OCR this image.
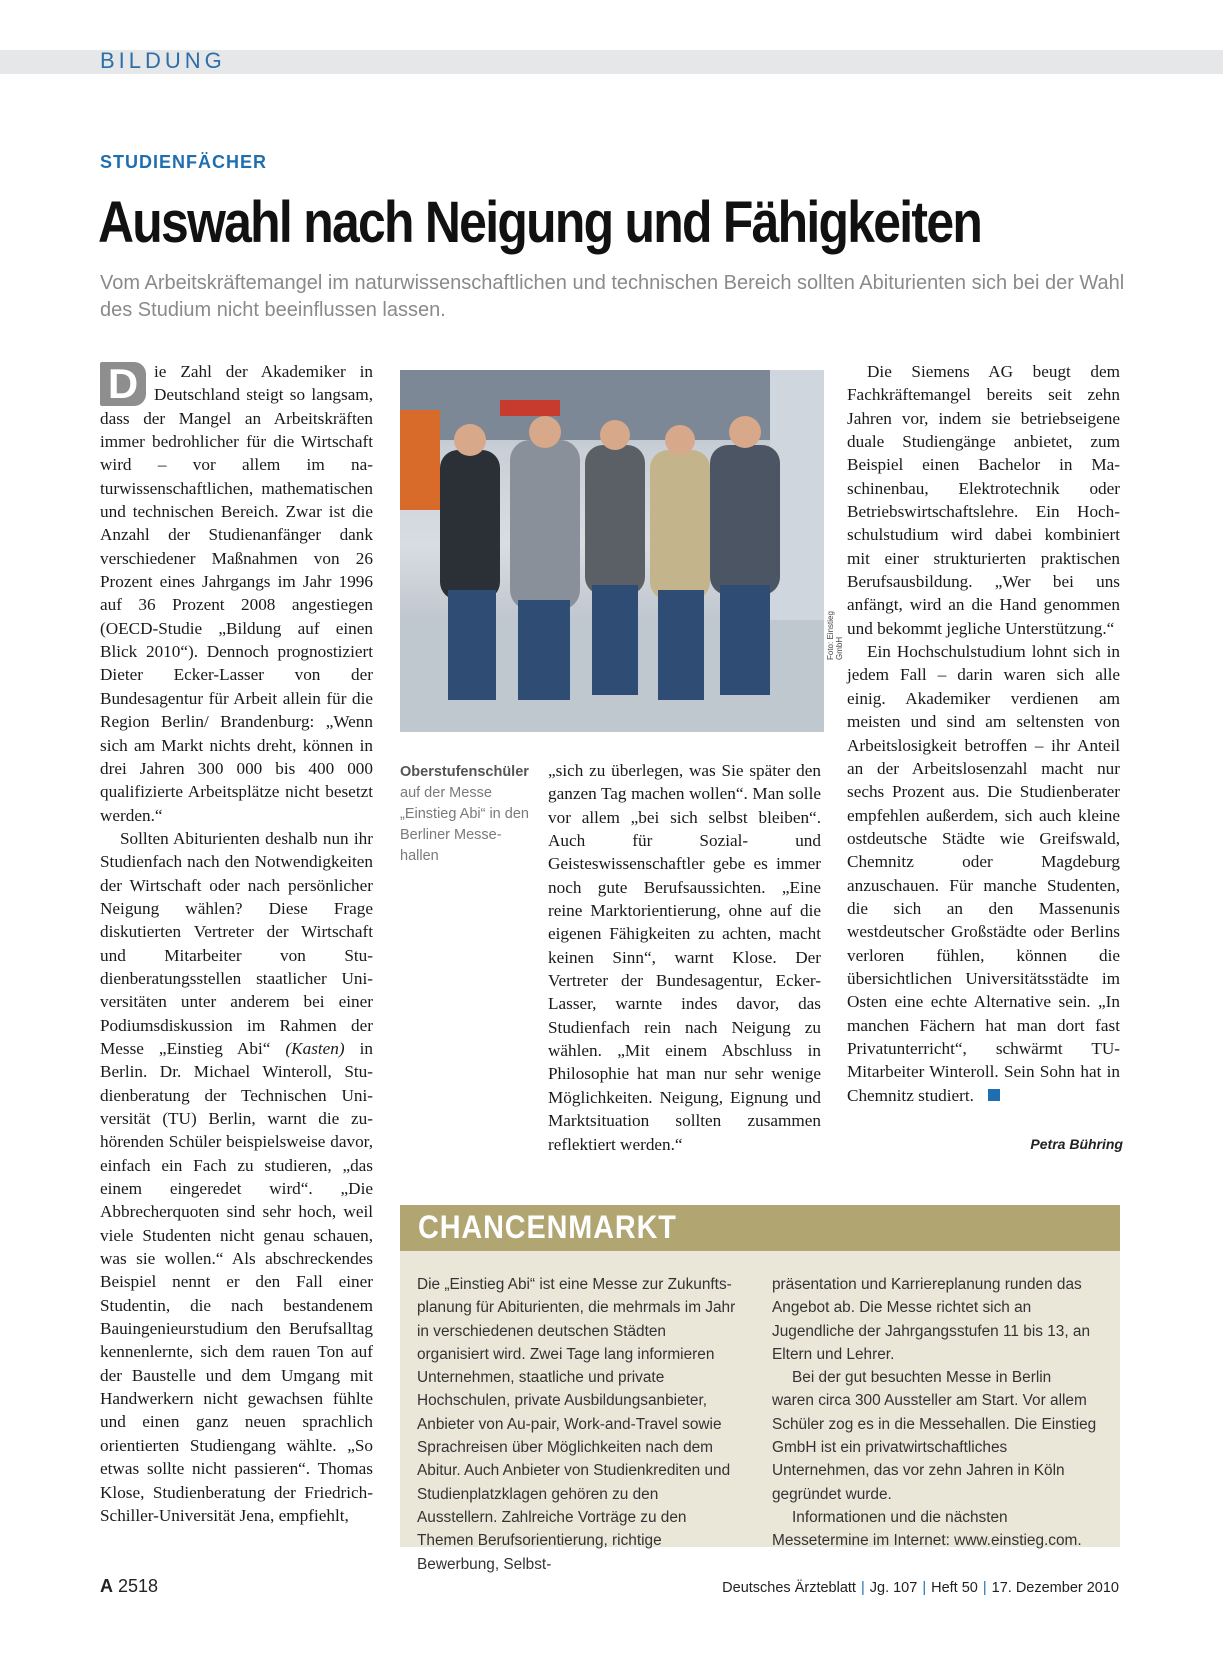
BILDUNG
STUDIENFÄCHER
Auswahl nach Neigung und Fähigkeiten
Vom Arbeitskräftemangel im naturwissenschaftlichen und technischen Bereich sollten Abiturienten sich bei der Wahl des Studium nicht beeinflussen lassen.

D ie Zahl der Akademiker in Deutschland steigt so langsam, dass der Mangel an Arbeitskräften immer bedrohlicher für die Wirtschaft wird – vor allem im naturwissenschaftlichen, mathematischen und technischen Bereich. Zwar ist die Anzahl der Studienanfänger dank verschiedener Maßnahmen von 26 Prozent eines Jahrgangs im Jahr 1996 auf 36 Prozent 2008 angestiegen (OECD-Studie „Bildung auf einen Blick 2010“). Dennoch prognostiziert Dieter Ecker-Lasser von der Bundesagentur für Arbeit allein für die Region Berlin/ Brandenburg: „Wenn sich am Markt nichts dreht, können in drei Jahren 300 000 bis 400 000 qualifizierte Arbeitsplätze nicht besetzt werden.“

Sollten Abiturienten deshalb nun ihr Studienfach nach den Notwendigkeiten der Wirtschaft oder nach persönlicher Neigung wählen? Diese Frage diskutierten Vertreter der Wirtschaft und Mitarbeiter von Studienberatungsstellen staatlicher Universitäten unter anderem bei einer Podiumsdiskussion im Rahmen der Messe „Einstieg Abi“ (Kasten) in Berlin. Dr. Michael Winteroll, Studienberatung der Technischen Universität (TU) Berlin, warnt die zuhörenden Schüler beispielsweise davor, einfach ein Fach zu studieren, „das einem eingeredet wird“. „Die Abbrecherquoten sind sehr hoch, weil viele Studenten nicht genau schauen, was sie wollen.“ Als abschreckendes Beispiel nennt er den Fall einer Studentin, die nach bestandenem Bauingenieurstudium den Berufsalltag kennenlernte, sich dem rauen Ton auf der Baustelle und dem Umgang mit Handwerkern nicht gewachsen fühlte und einen ganz neuen sprachlich orientierten Studiengang wählte. „So etwas sollte nicht passieren“. Thomas Klose, Studienberatung der Friedrich-Schiller-Universität Jena, empfiehlt,

Foto: Einstieg GmbH
Oberstufenschüler auf der Messe „Einstieg Abi“ in den Berliner Messehallen

„sich zu überlegen, was Sie später den ganzen Tag machen wollen“. Man solle vor allem „bei sich selbst bleiben“. Auch für Sozial- und Geisteswissenschaftler gebe es immer noch gute Berufsaussichten. „Eine reine Marktorientierung, ohne auf die eigenen Fähigkeiten zu achten, macht keinen Sinn“, warnt Klose. Der Vertreter der Bundesagentur, Ecker-Lasser, warnte indes davor, das Studienfach rein nach Neigung zu wählen. „Mit einem Abschluss in Philosophie hat man nur sehr wenige Möglichkeiten. Neigung, Eignung und Marktsituation sollten zusammen reflektiert werden.“

Die Siemens AG beugt dem Fachkräftemangel bereits seit zehn Jahren vor, indem sie betriebseigene duale Studiengänge anbietet, zum Beispiel einen Bachelor in Maschinenbau, Elektrotechnik oder Betriebswirtschaftslehre. Ein Hochschulstudium wird dabei kombiniert mit einer strukturierten praktischen Berufsausbildung. „Wer bei uns anfängt, wird an die Hand genommen und bekommt jegliche Unterstützung.“

Ein Hochschulstudium lohnt sich in jedem Fall – darin waren sich alle einig. Akademiker verdienen am meisten und sind am seltensten von Arbeitslosigkeit betroffen – ihr Anteil an der Arbeitslosenzahl macht nur sechs Prozent aus. Die Studienberater empfehlen außerdem, sich auch kleine ostdeutsche Städte wie Greifswald, Chemnitz oder Magdeburg anzuschauen. Für manche Studenten, die sich an den Massenunis westdeutscher Großstädte oder Berlins verloren fühlen, können die übersichtlichen Universitätsstädte im Osten eine echte Alternative sein. „In manchen Fächern hat man dort fast Privatunterricht“, schwärmt TU-Mitarbeiter Winteroll. Sein Sohn hat in Chemnitz studiert.

Petra Bühring
CHANCENMARKT

Die „Einstieg Abi“ ist eine Messe zur Zukunftsplanung für Abiturienten, die mehrmals im Jahr in verschiedenen deutschen Städten organisiert wird. Zwei Tage lang informieren Unternehmen, staatliche und private Hochschulen, private Ausbildungsanbieter, Anbieter von Au-pair, Work-and-Travel sowie Sprachreisen über Möglichkeiten nach dem Abitur. Auch Anbieter von Studienkrediten und Studienplatzklagen gehören zu den Ausstellern. Zahlreiche Vorträge zu den Themen Berufsorientierung, richtige Bewerbung, Selbst-

präsentation und Karriereplanung runden das Angebot ab. Die Messe richtet sich an Jugendliche der Jahrgangsstufen 11 bis 13, an Eltern und Lehrer.

Bei der gut besuchten Messe in Berlin waren circa 300 Aussteller am Start. Vor allem Schüler zog es in die Messehallen. Die Einstieg GmbH ist ein privatwirtschaftliches Unternehmen, das vor zehn Jahren in Köln gegründet wurde.

Informationen und die nächsten Messetermine im Internet: www.einstieg.com.

A 2518	Deutsches Ärzteblatt | Jg. 107 | Heft 50 | 17. Dezember 2010
